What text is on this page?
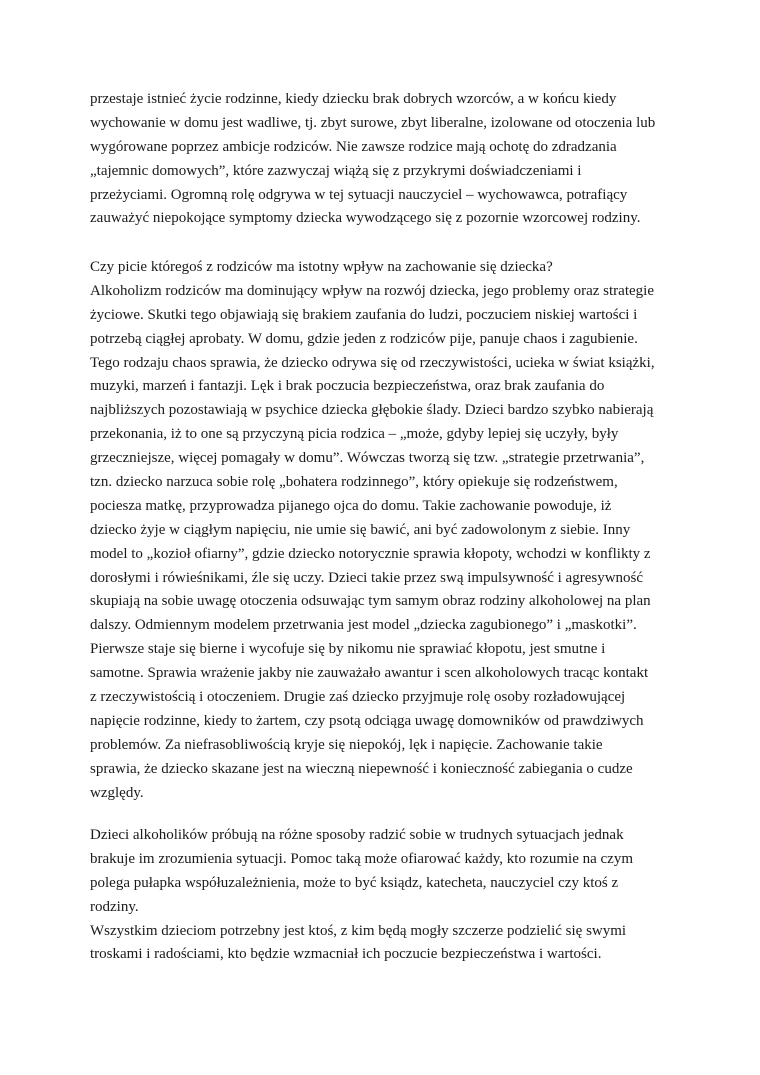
przestaje istnieć życie rodzinne, kiedy dziecku brak dobrych wzorców, a w końcu kiedy
wychowanie w domu jest wadliwe, tj. zbyt surowe, zbyt liberalne, izolowane od otoczenia lub
wygórowane poprzez ambicje rodziców. Nie zawsze rodzice mają ochotę do zdradzania
„tajemnic domowych”, które zazwyczaj wiążą się z przykrymi doświadczeniami i
przeżyciami. Ogromną rolę odgrywa w tej sytuacji nauczyciel – wychowawca, potrafiący
zauważyć niepokojące symptomy dziecka wywodzącego się z pozornie wzorcowej rodziny.
Czy picie któregoś z rodziców ma istotny wpływ na zachowanie się dziecka?
Alkoholizm rodziców ma dominujący wpływ na rozwój dziecka, jego problemy oraz strategie
życiowe. Skutki tego objawiają się brakiem zaufania do ludzi, poczuciem niskiej wartości i
potrzebą ciągłej aprobaty. W domu, gdzie jeden z rodziców pije, panuje chaos i zagubienie.
Tego rodzaju chaos sprawia, że dziecko odrywa się od rzeczywistości, ucieka w świat książki,
muzyki, marzeń i fantazji. Lęk i brak poczucia bezpieczeństwa, oraz brak zaufania do
najbliższych pozostawiają w psychice dziecka głębokie ślady. Dzieci bardzo szybko nabierają
przekonania, iż to one są przyczyną picia rodzica – „może, gdyby lepiej się uczyły, były
grzeczniejsze, więcej pomagały w domu”. Wówczas tworzą się tzw. „strategie przetrwania”,
tzn. dziecko narzuca sobie rolę „bohatera rodzinnego”, który opiekuje się rodzeństwem,
pociesza matkę, przyprowadza pijanego ojca do domu. Takie zachowanie powoduje, iż
dziecko żyje w ciągłym napięciu, nie umie się bawić, ani być zadowolonym z siebie. Inny
model to „kozioł ofiarny”, gdzie dziecko notorycznie sprawia kłopoty, wchodzi w konflikty z
dorosłymi i rówieśnikami, źle się uczy. Dzieci takie przez swą impulsywność i agresywność
skupiają na sobie uwagę otoczenia odsuwając tym samym obraz rodziny alkoholowej na plan
dalszy. Odmiennym modelem przetrwania jest model „dziecka zagubionego” i „maskotki”.
Pierwsze staje się bierne i wycofuje się by nikomu nie sprawiać kłopotu, jest smutne i
samotne. Sprawia wrażenie jakby nie zauważało awantur i scen alkoholowych tracąc kontakt
z rzeczywistością i otoczeniem. Drugie zaś dziecko przyjmuje rolę osoby rozładowującej
napięcie rodzinne, kiedy to żartem, czy psotą odciąga uwagę domowników od prawdziwych
problemów. Za niefrasobliwością kryje się niepokój, lęk i napięcie. Zachowanie takie
sprawia, że dziecko skazane jest na wieczną niepewność i konieczność zabiegania o cudze
względy.
Dzieci alkoholików próbują na różne sposoby radzić sobie w trudnych sytuacjach jednak
brakuje im zrozumienia sytuacji. Pomoc taką może ofiarować każdy, kto rozumie na czym
polega pułapka współuzależnienia, może to być ksiądz, katecheta, nauczyciel czy ktoś z
rodziny.
Wszystkim dzieciom potrzebny jest ktoś, z kim będą mogły szczerze podzielić się swymi
troskami i radościami, kto będzie wzmacniał ich poczucie bezpieczeństwa i wartości.
